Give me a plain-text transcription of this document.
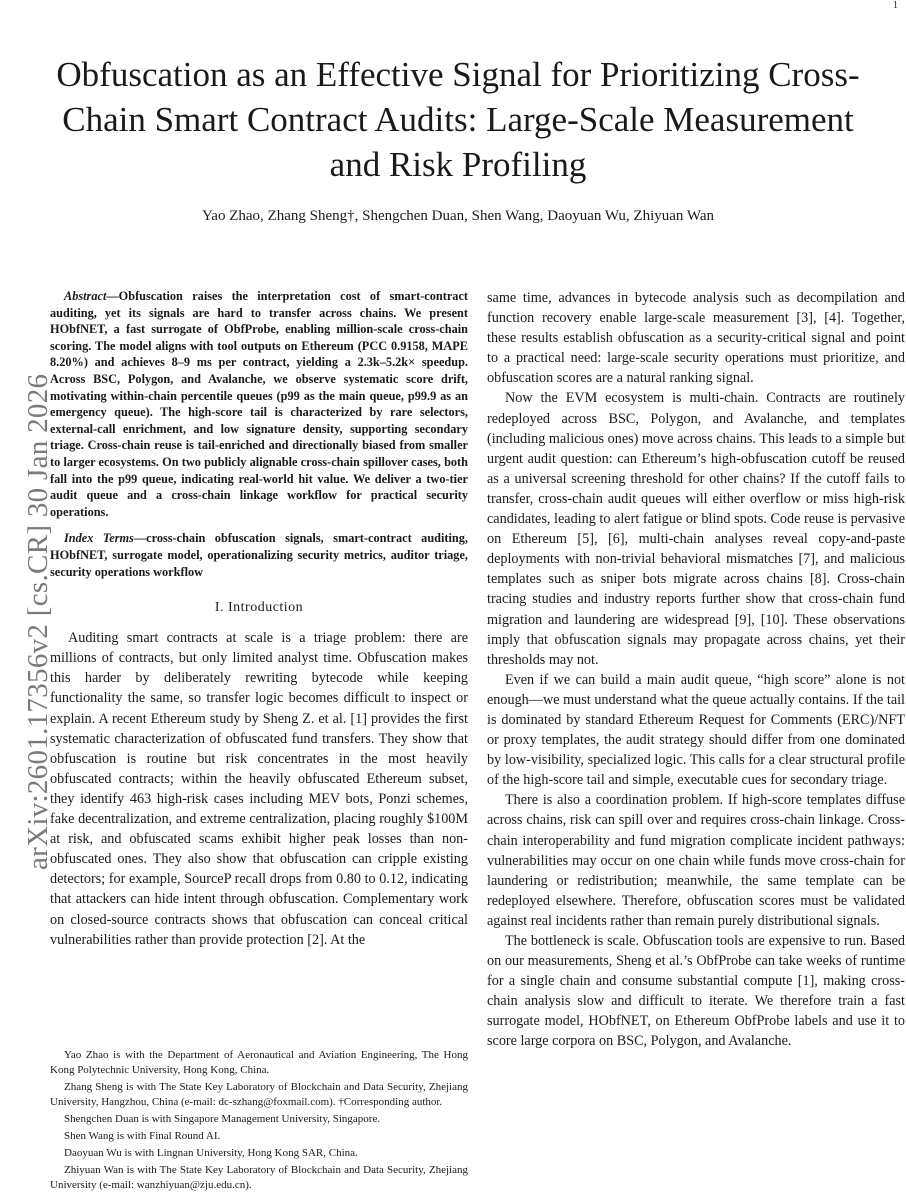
1
arXiv:2601.17356v2 [cs.CR] 30 Jan 2026
Obfuscation as an Effective Signal for Prioritizing Cross-Chain Smart Contract Audits: Large-Scale Measurement and Risk Profiling
Yao Zhao, Zhang Sheng†, Shengchen Duan, Shen Wang, Daoyuan Wu, Zhiyuan Wan
Abstract—Obfuscation raises the interpretation cost of smart-contract auditing, yet its signals are hard to transfer across chains. We present HObfNET, a fast surrogate of ObfProbe, enabling million-scale cross-chain scoring. The model aligns with tool outputs on Ethereum (PCC 0.9158, MAPE 8.20%) and achieves 8–9 ms per contract, yielding a 2.3k–5.2k× speedup. Across BSC, Polygon, and Avalanche, we observe systematic score drift, motivating within-chain percentile queues (p99 as the main queue, p99.9 as an emergency queue). The high-score tail is characterized by rare selectors, external-call enrichment, and low signature density, supporting secondary triage. Cross-chain reuse is tail-enriched and directionally biased from smaller to larger ecosystems. On two publicly alignable cross-chain spillover cases, both fall into the p99 queue, indicating real-world hit value. We deliver a two-tier audit queue and a cross-chain linkage workflow for practical security operations.
Index Terms—cross-chain obfuscation signals, smart-contract auditing, HObfNET, surrogate model, operationalizing security metrics, auditor triage, security operations workflow
I. Introduction

Auditing smart contracts at scale is a triage problem: there are millions of contracts, but only limited analyst time. Obfuscation makes this harder by deliberately rewriting bytecode while keeping functionality the same, so transfer logic becomes difficult to inspect or explain. A recent Ethereum study by Sheng Z. et al. [1] provides the first systematic characterization of obfuscated fund transfers. They show that obfuscation is routine but risk concentrates in the most heavily obfuscated contracts; within the heavily obfuscated Ethereum subset, they identify 463 high-risk cases including MEV bots, Ponzi schemes, fake decentralization, and extreme centralization, placing roughly $100M at risk, and obfuscated scams exhibit higher peak losses than non-obfuscated ones. They also show that obfuscation can cripple existing detectors; for example, SourceP recall drops from 0.80 to 0.12, indicating that attackers can hide intent through obfuscation. Complementary work on closed-source contracts shows that obfuscation can conceal critical vulnerabilities rather than provide protection [2]. At the

Yao Zhao is with the Department of Aeronautical and Aviation Engineering, The Hong Kong Polytechnic University, Hong Kong, China.

Zhang Sheng is with The State Key Laboratory of Blockchain and Data Security, Zhejiang University, Hangzhou, China (e-mail: dc-szhang@foxmail.com). †Corresponding author.

Shengchen Duan is with Singapore Management University, Singapore.

Shen Wang is with Final Round AI.

Daoyuan Wu is with Lingnan University, Hong Kong SAR, China.

Zhiyuan Wan is with The State Key Laboratory of Blockchain and Data Security, Zhejiang University (e-mail: wanzhiyuan@zju.edu.cn).

same time, advances in bytecode analysis such as decompilation and function recovery enable large-scale measurement [3], [4]. Together, these results establish obfuscation as a security-critical signal and point to a practical need: large-scale security operations must prioritize, and obfuscation scores are a natural ranking signal.

Now the EVM ecosystem is multi-chain. Contracts are routinely redeployed across BSC, Polygon, and Avalanche, and templates (including malicious ones) move across chains. This leads to a simple but urgent audit question: can Ethereum’s high-obfuscation cutoff be reused as a universal screening threshold for other chains? If the cutoff fails to transfer, cross-chain audit queues will either overflow or miss high-risk candidates, leading to alert fatigue or blind spots. Code reuse is pervasive on Ethereum [5], [6], multi-chain analyses reveal copy-and-paste deployments with non-trivial behavioral mismatches [7], and malicious templates such as sniper bots migrate across chains [8]. Cross-chain tracing studies and industry reports further show that cross-chain fund migration and laundering are widespread [9], [10]. These observations imply that obfuscation signals may propagate across chains, yet their thresholds may not.

Even if we can build a main audit queue, “high score” alone is not enough—we must understand what the queue actually contains. If the tail is dominated by standard Ethereum Request for Comments (ERC)/NFT or proxy templates, the audit strategy should differ from one dominated by low-visibility, specialized logic. This calls for a clear structural profile of the high-score tail and simple, executable cues for secondary triage.

There is also a coordination problem. If high-score templates diffuse across chains, risk can spill over and requires cross-chain linkage. Cross-chain interoperability and fund migration complicate incident pathways: vulnerabilities may occur on one chain while funds move cross-chain for laundering or redistribution; meanwhile, the same template can be redeployed elsewhere. Therefore, obfuscation scores must be validated against real incidents rather than remain purely distributional signals.

The bottleneck is scale. Obfuscation tools are expensive to run. Based on our measurements, Sheng et al.’s ObfProbe can take weeks of runtime for a single chain and consume substantial compute [1], making cross-chain analysis slow and difficult to iterate. We therefore train a fast surrogate model, HObfNET, on Ethereum ObfProbe labels and use it to score large corpora on BSC, Polygon, and Avalanche.
